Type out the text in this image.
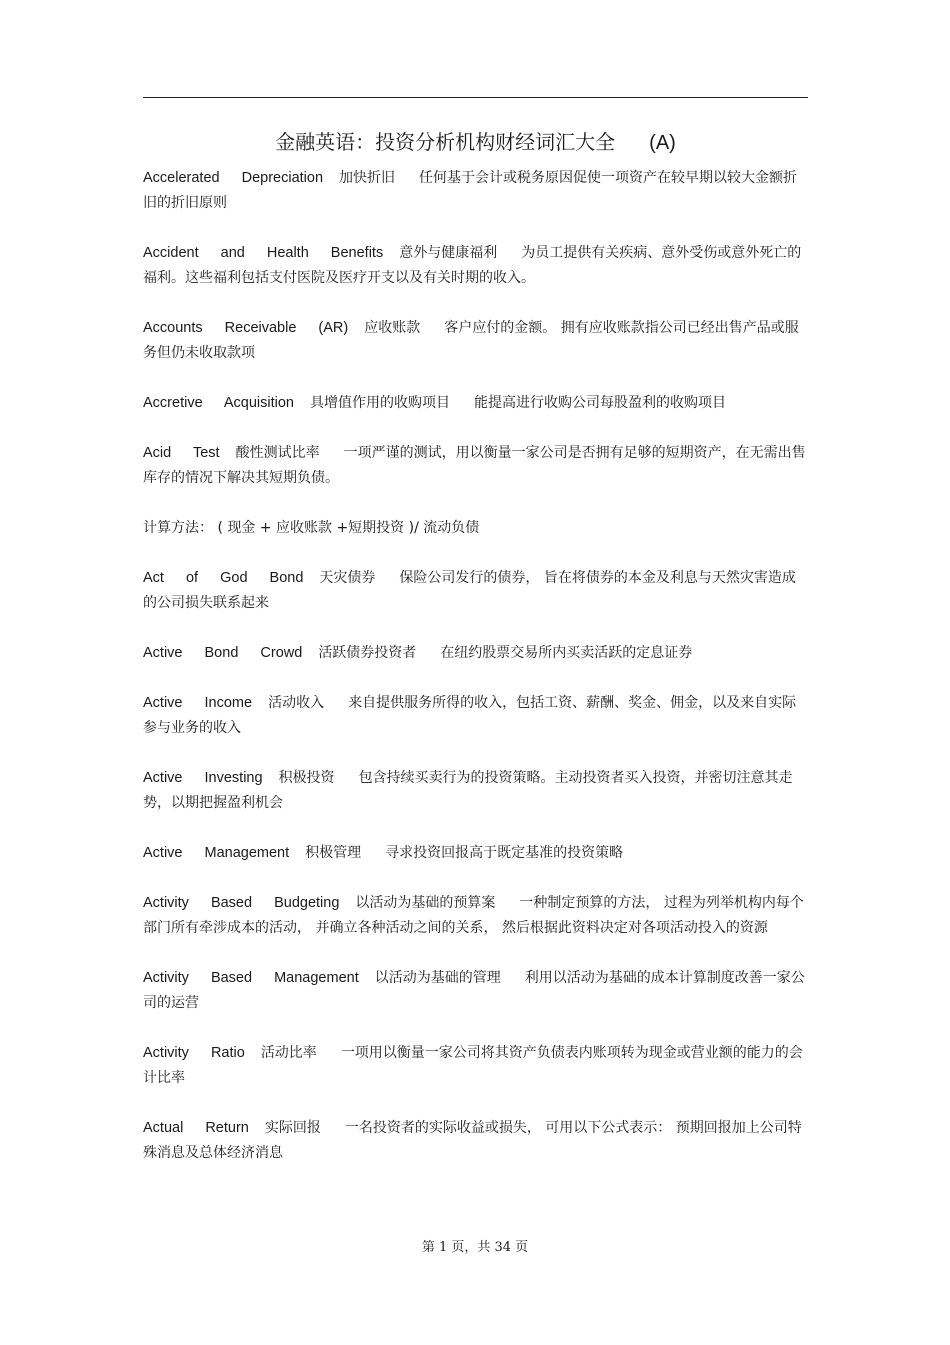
金融英语：投资分析机构财经词汇大全 (A)

Accelerated Depreciation 加快折旧 任何基于会计或税务原因促使一项资产在较早期以较大金额折旧的折旧原则

Accident and Health Benefits 意外与健康福利 为员工提供有关疾病、意外受伤或意外死亡的福利。这些福利包括支付医院及医疗开支以及有关时期的收入。

Accounts Receivable (AR) 应收账款 客户应付的金额。 拥有应收账款指公司已经出售产品或服务但仍未收取款项

Accretive Acquisition 具增值作用的收购项目 能提高进行收购公司每股盈利的收购项目

Acid Test 酸性测试比率 一项严谨的测试，用以衡量一家公司是否拥有足够的短期资产，在无需出售库存的情况下解决其短期负债。

计算方法： ( 现金 + 应收账款 +短期投资 )/ 流动负债

Act of God Bond 天灾债券 保险公司发行的债券， 旨在将债券的本金及利息与天然灾害造成的公司损失联系起来

Active Bond Crowd 活跃债券投资者 在纽约股票交易所内买卖活跃的定息证券

Active Income 活动收入 来自提供服务所得的收入，包括工资、薪酬、奖金、佣金，以及来自实际参与业务的收入

Active Investing 积极投资 包含持续买卖行为的投资策略。主动投资者买入投资，并密切注意其走势，以期把握盈利机会

Active Management 积极管理 寻求投资回报高于既定基准的投资策略

Activity Based Budgeting 以活动为基础的预算案 一种制定预算的方法， 过程为列举机构内每个部门所有牵涉成本的活动， 并确立各种活动之间的关系， 然后根据此资料决定对各项活动投入的资源

Activity Based Management 以活动为基础的管理 利用以活动为基础的成本计算制度改善一家公司的运营

Activity Ratio 活动比率 一项用以衡量一家公司将其资产负债表内账项转为现金或营业额的能力的会计比率

Actual Return 实际回报 一名投资者的实际收益或损失， 可用以下公式表示： 预期回报加上公司特殊消息及总体经济消息

第 1 页，共 34 页
